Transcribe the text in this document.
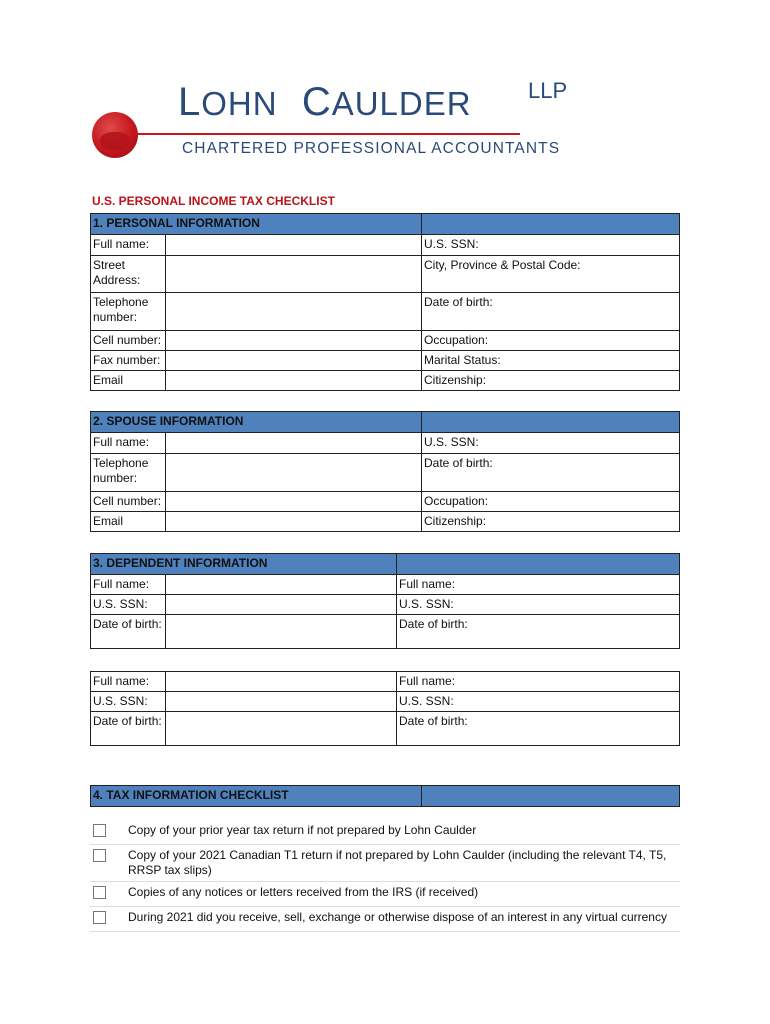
LOHN CAULDER	LLP
CHARTERED PROFESSIONAL ACCOUNTANTS
U.S. PERSONAL INCOME TAX CHECKLIST
1. PERSONAL INFORMATION		
Full name:		U.S. SSN:
Street Address:		City, Province & Postal Code:
Telephone number:		Date of birth:
Cell number:		Occupation:
Fax number:		Marital Status:
Email		Citizenship:
2. SPOUSE INFORMATION		
Full name:		U.S. SSN:
Telephone number:		Date of birth:
Cell number:		Occupation:
Email		Citizenship:
3. DEPENDENT INFORMATION		
Full name:		Full name:
U.S. SSN:		U.S. SSN:
Date of birth:		Date of birth:
Full name:		Full name:
U.S. SSN:		U.S. SSN:
Date of birth:		Date of birth:
4. TAX INFORMATION CHECKLIST	
	Copy of your prior year tax return if not prepared by Lohn Caulder
	Copy of your 2021 Canadian T1 return if not prepared by Lohn Caulder (including the relevant T4, T5, RRSP tax slips)
	Copies of any notices or letters received from the IRS (if received)
	During 2021 did you receive, sell, exchange or otherwise dispose of an interest in any virtual currency
